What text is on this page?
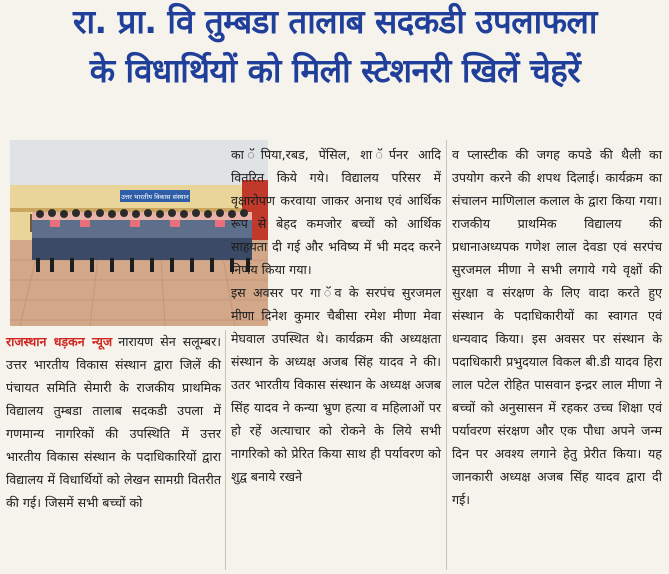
रा. प्रा. वि तुम्बडा तालाब सदकडी उपलाफला
के विधार्थियों को मिली स्टेशनरी खिलें चेहरें
उत्तर भारतीय विकास संस्थान

राजस्थान धड़कन न्यूज नारायण सेन सलूम्बर। उत्तर भारतीय विकास संस्थान द्वारा जिलें की पंचायत समिति सेमारी के राजकीय प्राथमिक विद्यालय तुम्बडा तालाब सदकडी उपला में गणमान्य नागरिकों की उपस्थिति में उत्तर भारतीय विकास संस्थान के पदाधिकारियों द्वारा विद्यालय में विधार्थियों को लेखन सामग्री वितरीत की गई। जिसमें सभी बच्चों को

का ॅपिया,रबड, पेंसिल, शा ॅर्पनर आदि वितरित किये गये। विद्यालय परिसर में वृक्षारोपण करवाया जाकर अनाथ एवं आर्थिक रूप से बेहद कमजोर बच्चों को आर्थिक साहयता दी गई और भविष्य में भी मदद करने निर्णय किया गया।

इस अवसर पर गा ॅव के सरपंच सुरजमल मीणा दिनेश कुमार चैबीसा रमेश मीणा मेवा मेघवाल उपस्थित थे। कार्यक्रम की अध्यक्षता संस्थान के अध्यक्ष अजब सिंह यादव ने की। उतर भारतीय विकास संस्थान के अध्यक्ष अजब सिंह यादव ने कन्या भ्रुण हत्या व महिलाओं पर हो रहें अत्याचार को रोकने के लिये सभी नागरिको को प्रेरित किया साथ ही पर्यावरण को शुद्व बनाये रखने

व प्लास्टीक की जगह कपडे की थैली का उपयोग करने की शपथ दिलाई। कार्यक्रम का संचालन माणिलाल कलाल के द्वारा किया गया। राजकीय प्राथमिक विद्यालय की प्रधानाअध्यपक गणेश लाल देवडा एवं सरपंच सुरजमल मीणा ने सभी लगाये गये वृक्षों की सुरक्षा व संरक्षण के लिए वादा करते हुए संस्थान के पदाधिकारीयों का स्वागत एवं धन्यवाद किया। इस अवसर पर संस्थान के पदाधिकारी प्रभुदयाल विकल बी.डी यादव हिरा लाल पटेल रोहित पासवान इन्द्रर लाल मीणा ने बच्चों को अनुसासन में रहकर उच्च शिक्षा एवं पर्यावरण संरक्षण और एक पौधा अपने जन्म दिन पर अवश्य लगाने हेतु प्रेरीत किया। यह जानकारी अध्यक्ष अजब सिंह यादव द्वारा दी गई।
